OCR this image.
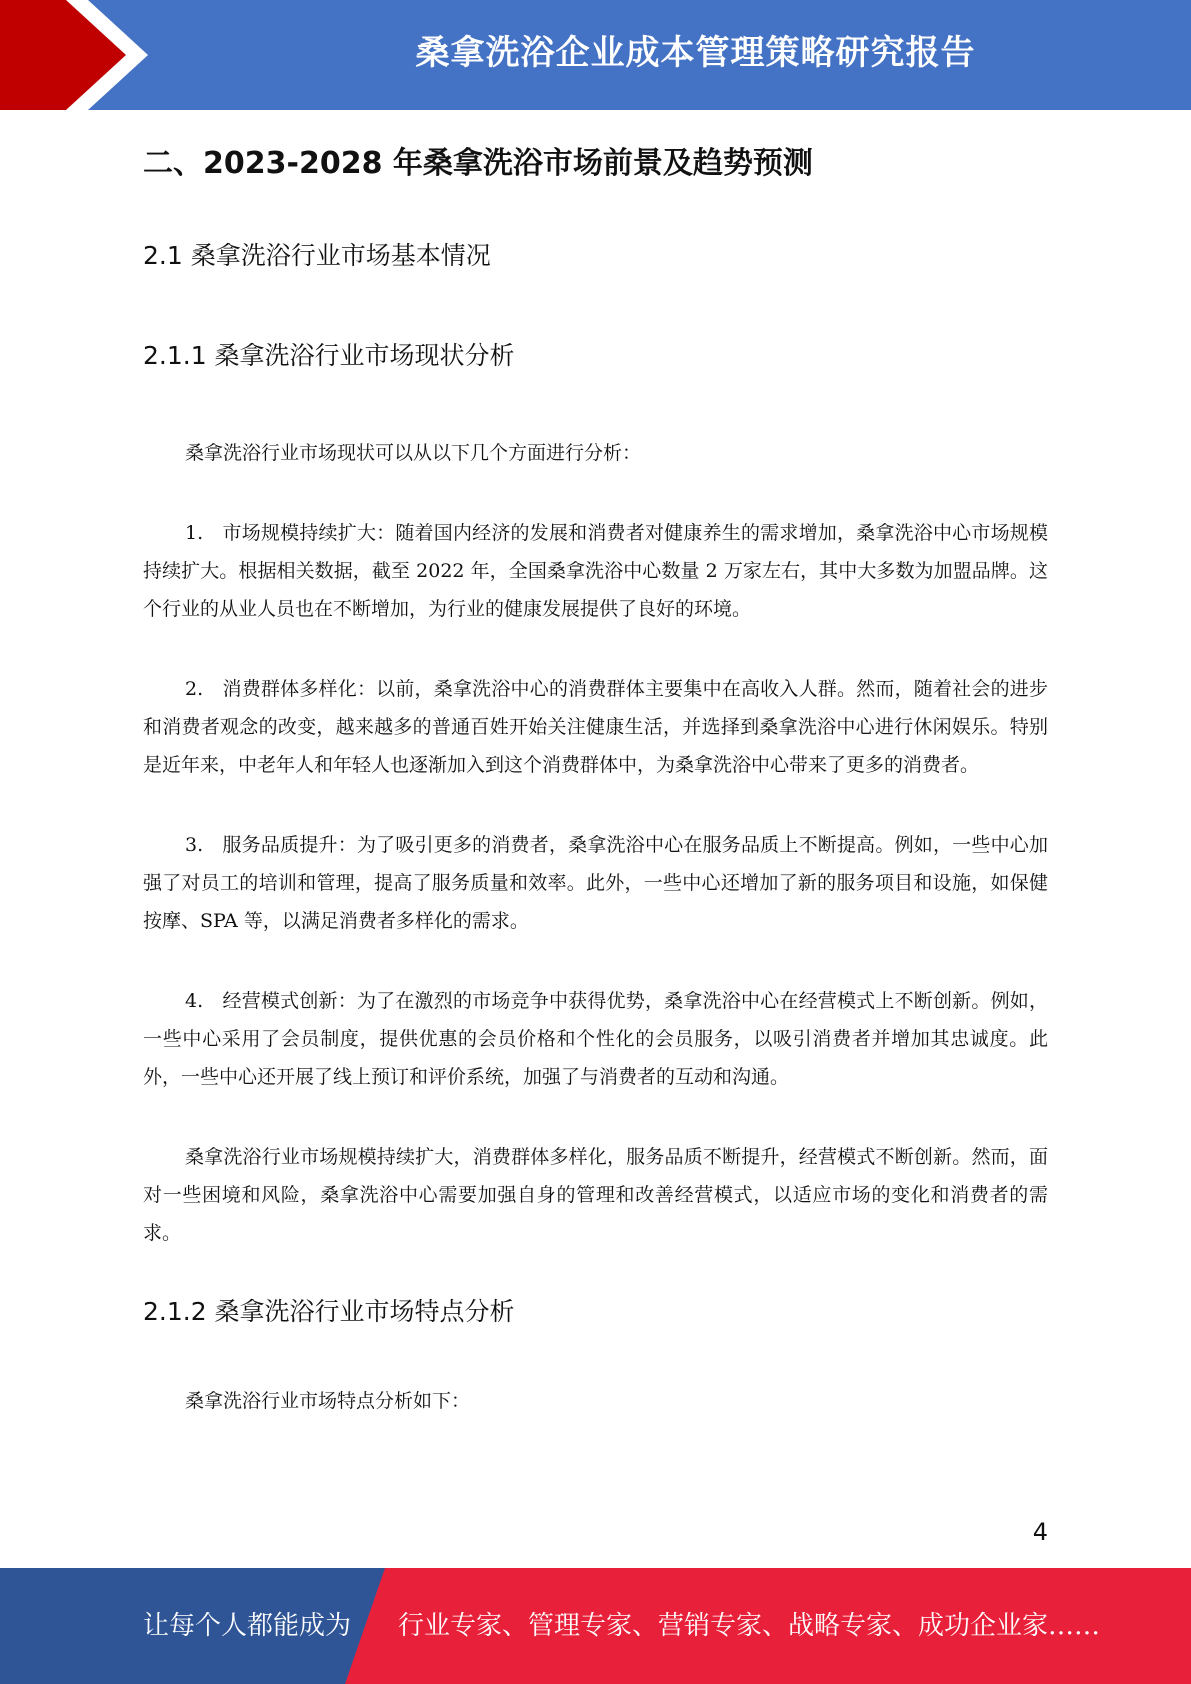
桑拿洗浴企业成本管理策略研究报告
二、2023-2028 年桑拿洗浴市场前景及趋势预测
2.1 桑拿洗浴行业市场基本情况
2.1.1 桑拿洗浴行业市场现状分析

桑拿洗浴行业市场现状可以从以下几个方面进行分析：

1.　市场规模持续扩大：随着国内经济的发展和消费者对健康养生的需求增加，桑拿洗浴中心市场规模持续扩大。根据相关数据，截至 2022 年，全国桑拿洗浴中心数量 2 万家左右，其中大多数为加盟品牌。这个行业的从业人员也在不断增加，为行业的健康发展提供了良好的环境。

2.　消费群体多样化：以前，桑拿洗浴中心的消费群体主要集中在高收入人群。然而，随着社会的进步和消费者观念的改变，越来越多的普通百姓开始关注健康生活，并选择到桑拿洗浴中心进行休闲娱乐。特别是近年来，中老年人和年轻人也逐渐加入到这个消费群体中，为桑拿洗浴中心带来了更多的消费者。

3.　服务品质提升：为了吸引更多的消费者，桑拿洗浴中心在服务品质上不断提高。例如，一些中心加强了对员工的培训和管理，提高了服务质量和效率。此外，一些中心还增加了新的服务项目和设施，如保健按摩、SPA 等，以满足消费者多样化的需求。

4.　经营模式创新：为了在激烈的市场竞争中获得优势，桑拿洗浴中心在经营模式上不断创新。例如，一些中心采用了会员制度，提供优惠的会员价格和个性化的会员服务，以吸引消费者并增加其忠诚度。此外，一些中心还开展了线上预订和评价系统，加强了与消费者的互动和沟通。

桑拿洗浴行业市场规模持续扩大，消费群体多样化，服务品质不断提升，经营模式不断创新。然而，面对一些困境和风险，桑拿洗浴中心需要加强自身的管理和改善经营模式，以适应市场的变化和消费者的需求。

2.1.2 桑拿洗浴行业市场特点分析

桑拿洗浴行业市场特点分析如下：

4
让每个人都能成为 行业专家、管理专家、营销专家、战略专家、成功企业家……
